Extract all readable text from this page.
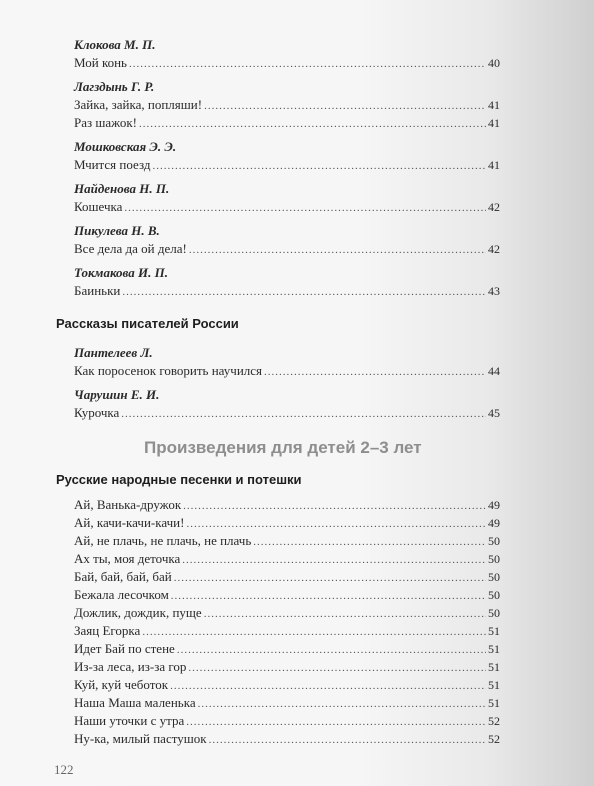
Клокова М. П.
Мой конь .....	40
Лагздынь Г. Р.
Зайка, зайка, попляши! .....	41
Раз шажок! .....	41
Мошковская Э. Э.
Мчится поезд .....	41
Найденова Н. П.
Кошечка .....	42
Пикулева Н. В.
Все дела да ой дела! .....	42
Токмакова И. П.
Баиньки .....	43
Рассказы писателей России
Пантелеев Л.
Как поросенок говорить научился .....	44
Чарушин Е. И.
Курочка .....	45
Произведения для детей 2–3 лет
Русские народные песенки и потешки
Ай, Ванька-дружок .....	49
Ай, качи-качи-качи! .....	49
Ай, не плачь, не плачь, не плачь .....	50
Ах ты, моя деточка .....	50
Бай, бай, бай, бай .....	50
Бежала лесочком .....	50
Дожлик, дождик, пуще .....	50
Заяц Егорка .....	51
Идет Бай по стене .....	51
Из-за леса, из-за гор .....	51
Куй, куй чеботок .....	51
Наша Маша маленька .....	51
Наши уточки с утра .....	52
Ну-ка, милый пастушок .....	52
122
